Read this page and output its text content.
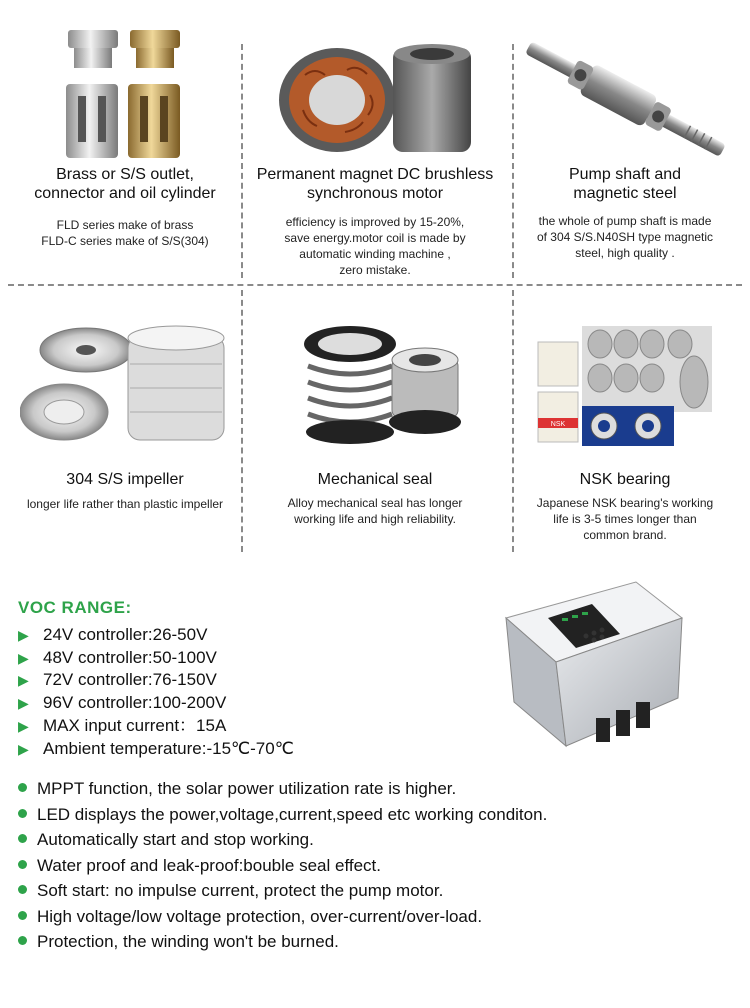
Brass or S/S outlet,
connector and oil cylinder

FLD series make of brass
FLD-C series make of S/S(304)

Permanent magnet DC brushless
synchronous motor

efficiency is improved by 15-20%,
save energy.motor coil is made by
automatic winding machine ,
zero mistake.

Pump shaft and
magnetic steel

the whole of pump shaft is made
of 304 S/S.N40SH type magnetic
steel, high quality .

304 S/S impeller

longer life rather than plastic impeller

Mechanical seal

Alloy mechanical seal has longer
working life and high reliability.

NSK
NSK bearing

Japanese NSK bearing's working
life is 3-5 times longer than
common brand.

VOC RANGE:
▶ 24V controller:26-50V
▶ 48V controller:50-100V
▶ 72V controller:76-150V
▶ 96V controller:100-200V
▶ MAX input current：15A
▶ Ambient temperature:-15℃-70℃
MPPT function, the solar power utilization rate is higher.
LED displays the power,voltage,current,speed etc working conditon.
Automatically start and stop working.
Water proof and leak-proof:bouble seal effect.
Soft start: no impulse current, protect the pump motor.
High voltage/low voltage protection, over-current/over-load.
Protection, the winding won't be burned.
